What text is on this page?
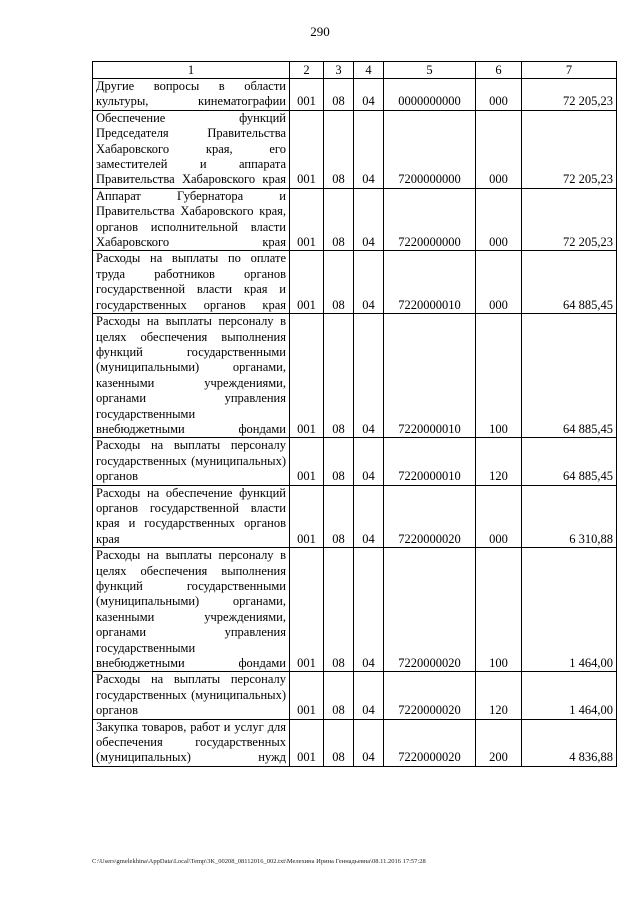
290
1	2	3	4	5	6	7
Другие вопросы в области культуры, кинематографии	001	08	04	0000000000	000	72 205,23
Обеспечение функций Председателя Правительства Хабаровского края, его заместителей и аппарата Правительства Хабаровского края	001	08	04	7200000000	000	72 205,23
Аппарат Губернатора и Правительства Хабаровского края, органов исполнительной власти Хабаровского края	001	08	04	7220000000	000	72 205,23
Расходы на выплаты по оплате труда работников органов государственной власти края и государственных органов края	001	08	04	7220000010	000	64 885,45
Расходы на выплаты персоналу в целях обеспечения выполнения функций государственными (муниципальными) органами, казенными учреждениями, органами управления государственными внебюджетными фондами	001	08	04	7220000010	100	64 885,45
Расходы на выплаты персоналу государственных (муниципальных) органов	001	08	04	7220000010	120	64 885,45
Расходы на обеспечение функций органов государственной власти края и государственных органов края	001	08	04	7220000020	000	6 310,88
Расходы на выплаты персоналу в целях обеспечения выполнения функций государственными (муниципальными) органами, казенными учреждениями, органами управления государственными внебюджетными фондами	001	08	04	7220000020	100	1 464,00
Расходы на выплаты персоналу государственных (муниципальных) органов	001	08	04	7220000020	120	1 464,00
Закупка товаров, работ и услуг для обеспечения государственных (муниципальных) нужд	001	08	04	7220000020	200	4 836,88
C:\Users\gmelekhina\AppData\Local\Temp\3K_00208_08112016_002.txt\Мелехина Ирина Геннадьевна\08.11.2016 17:57:28
